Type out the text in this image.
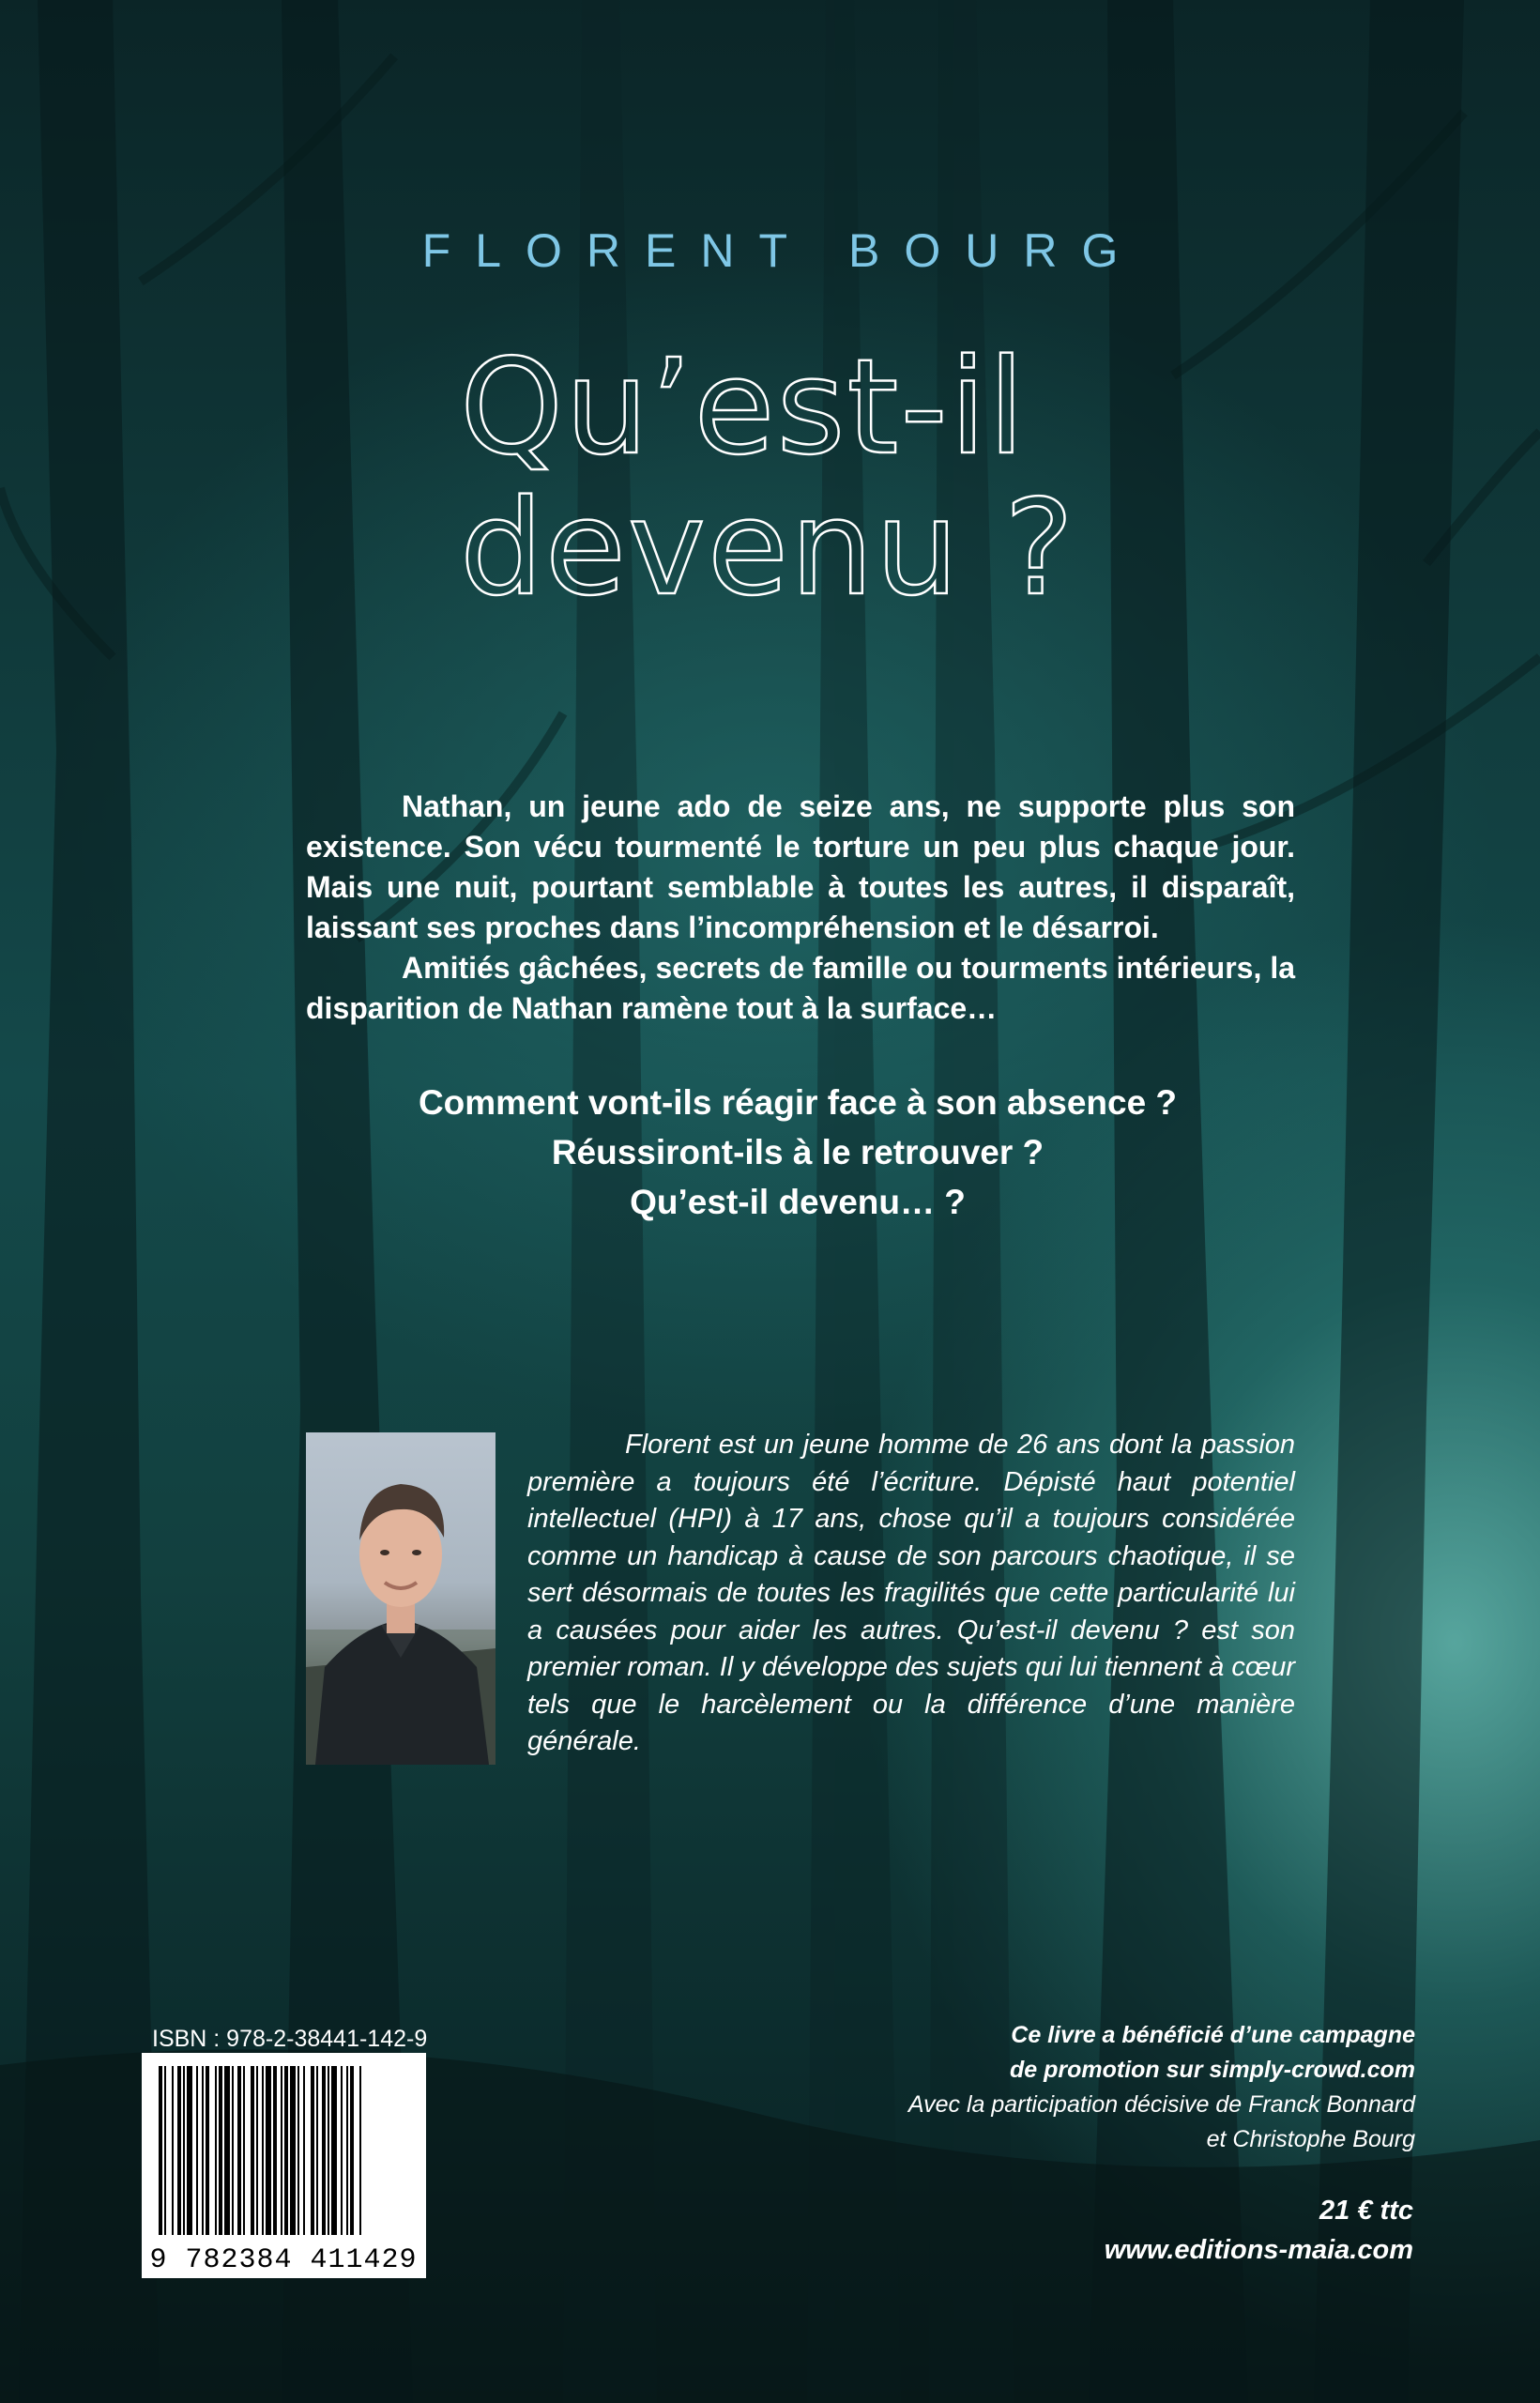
FLORENT BOURG
Qu’est-il
devenu ?

Nathan, un jeune ado de seize ans, ne supporte plus son existence. Son vécu tourmenté le torture un peu plus chaque jour. Mais une nuit, pourtant semblable à toutes les autres, il disparaît, laissant ses proches dans l’incompréhension et le désarroi.

Amitiés gâchées, secrets de famille ou tourments intérieurs, la disparition de Nathan ramène tout à la surface…

Comment vont-ils réagir face à son absence ?
Réussiront-ils à le retrouver ?
Qu’est-il devenu… ?

Florent est un jeune homme de 26 ans dont la passion première a toujours été l’écriture. Dépisté haut potentiel intellectuel (HPI) à 17 ans, chose qu’il a toujours considérée comme un handicap à cause de son parcours chaotique, il se sert désormais de toutes les fragilités que cette particularité lui a causées pour aider les autres. Qu’est-il devenu ? est son premier roman. Il y développe des sujets qui lui tiennent à cœur tels que le harcèlement ou la différence d’une manière générale.

ISBN : 978-2-38441-142-9
9 782384 411429
Ce livre a bénéficié d’une campagne
de promotion sur simply-crowd.com
Avec la participation décisive de Franck Bonnard
et Christophe Bourg
21 € ttc
www.editions-maia.com
